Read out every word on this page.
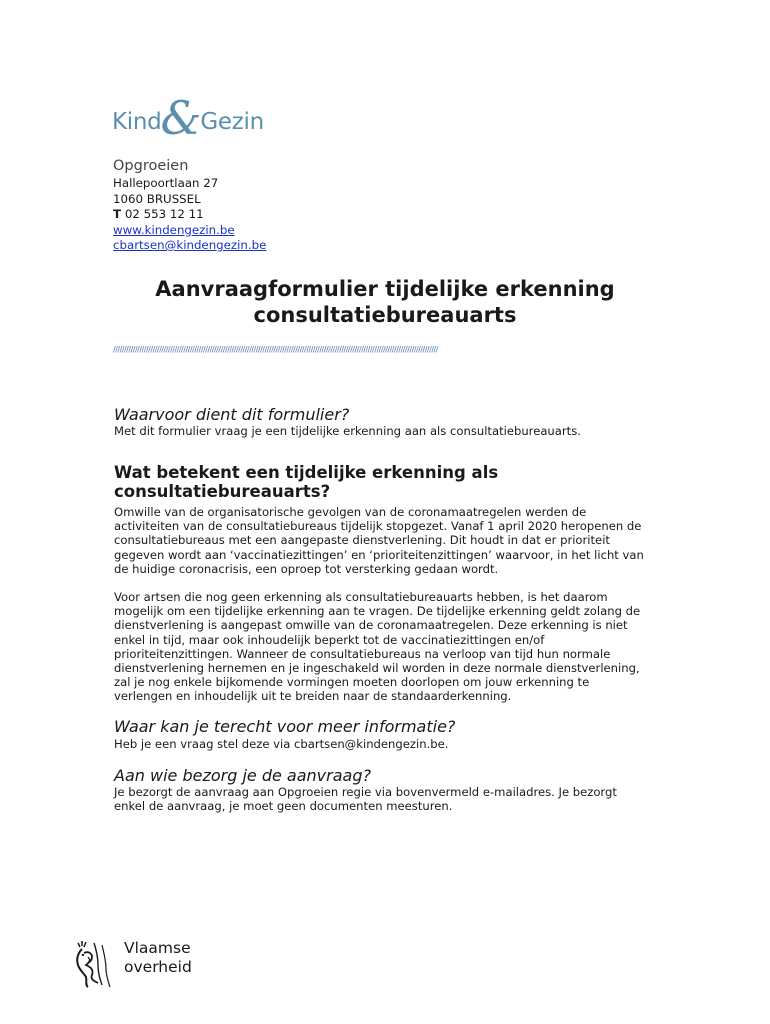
Kind & Gezin
Opgroeien
Hallepoortlaan 27
1060 BRUSSEL
T 02 553 12 11
www.kindengezin.be
cbartsen@kindengezin.be
Aanvraagformulier tijdelijke erkenning
consultatiebureauarts
////////////////////////////////////////////////////////////////////////////////////////////////////////////////////////////////////////////////////

Waarvoor dient dit formulier?

Met dit formulier vraag je een tijdelijke erkenning aan als consultatiebureauarts.

Wat betekent een tijdelijke erkenning als

consultatiebureauarts?

Omwille van de organisatorische gevolgen van de coronamaatregelen werden de

activiteiten van de consultatiebureaus tijdelijk stopgezet. Vanaf 1 april 2020 heropenen de

consultatiebureaus met een aangepaste dienstverlening. Dit houdt in dat er prioriteit

gegeven wordt aan ‘vaccinatiezittingen’ en ‘prioriteitenzittingen’ waarvoor, in het licht van

de huidige coronacrisis, een oproep tot versterking gedaan wordt.

Voor artsen die nog geen erkenning als consultatiebureauarts hebben, is het daarom

mogelijk om een tijdelijke erkenning aan te vragen. De tijdelijke erkenning geldt zolang de

dienstverlening is aangepast omwille van de coronamaatregelen. Deze erkenning is niet

enkel in tijd, maar ook inhoudelijk beperkt tot de vaccinatiezittingen en/of

prioriteitenzittingen. Wanneer de consultatiebureaus na verloop van tijd hun normale

dienstverlening hernemen en je ingeschakeld wil worden in deze normale dienstverlening,

zal je nog enkele bijkomende vormingen moeten doorlopen om jouw erkenning te

verlengen en inhoudelijk uit te breiden naar de standaarderkenning.

Waar kan je terecht voor meer informatie?

Heb je een vraag stel deze via cbartsen@kindengezin.be.

Aan wie bezorg je de aanvraag?

Je bezorgt de aanvraag aan Opgroeien regie via bovenvermeld e-mailadres. Je bezorgt

enkel de aanvraag, je moet geen documenten meesturen.

Vlaamse
overheid
